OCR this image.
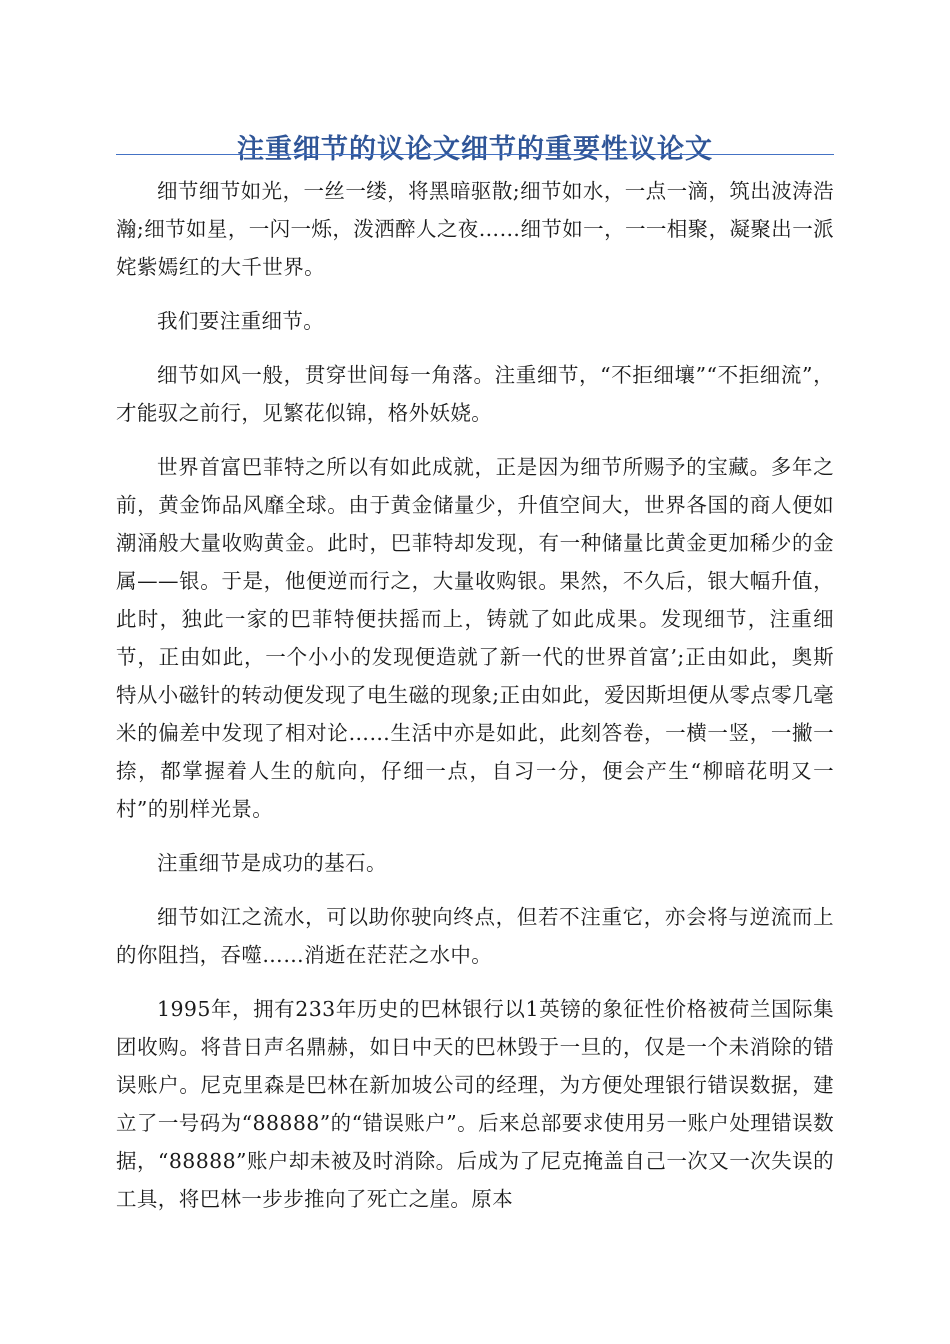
注重细节的议论文细节的重要性议论文

细节细节如光，一丝一缕，将黑暗驱散;细节如水，一点一滴，筑出波涛浩瀚;细节如星，一闪一烁，泼洒醉人之夜……细节如一，一一相聚，凝聚出一派姹紫嫣红的大千世界。

我们要注重细节。

细节如风一般，贯穿世间每一角落。注重细节，“不拒细壤”“不拒细流”，才能驭之前行，见繁花似锦，格外妖娆。

世界首富巴菲特之所以有如此成就，正是因为细节所赐予的宝藏。多年之前，黄金饰品风靡全球。由于黄金储量少，升值空间大，世界各国的商人便如潮涌般大量收购黄金。此时，巴菲特却发现，有一种储量比黄金更加稀少的金属——银。于是，他便逆而行之，大量收购银。果然，不久后，银大幅升值，此时，独此一家的巴菲特便扶摇而上，铸就了如此成果。发现细节，注重细节，正由如此，一个小小的发现便造就了新一代的世界首富’;正由如此，奥斯特从小磁针的转动便发现了电生磁的现象;正由如此，爱因斯坦便从零点零几毫米的偏差中发现了相对论……生活中亦是如此，此刻答卷，一横一竖，一撇一捺，都掌握着人生的航向，仔细一点，自习一分，便会产生“柳暗花明又一村”的别样光景。

注重细节是成功的基石。

细节如江之流水，可以助你驶向终点，但若不注重它，亦会将与逆流而上的你阻挡，吞噬……消逝在茫茫之水中。

1995年，拥有233年历史的巴林银行以1英镑的象征性价格被荷兰国际集团收购。将昔日声名鼎赫，如日中天的巴林毁于一旦的，仅是一个未消除的错误账户。尼克里森是巴林在新加坡公司的经理，为方便处理银行错误数据，建立了一号码为“88888”的“错误账户”。后来总部要求使用另一账户处理错误数据，“88888”账户却未被及时消除。后成为了尼克掩盖自己一次又一次失误的工具，将巴林一步步推向了死亡之崖。原本
